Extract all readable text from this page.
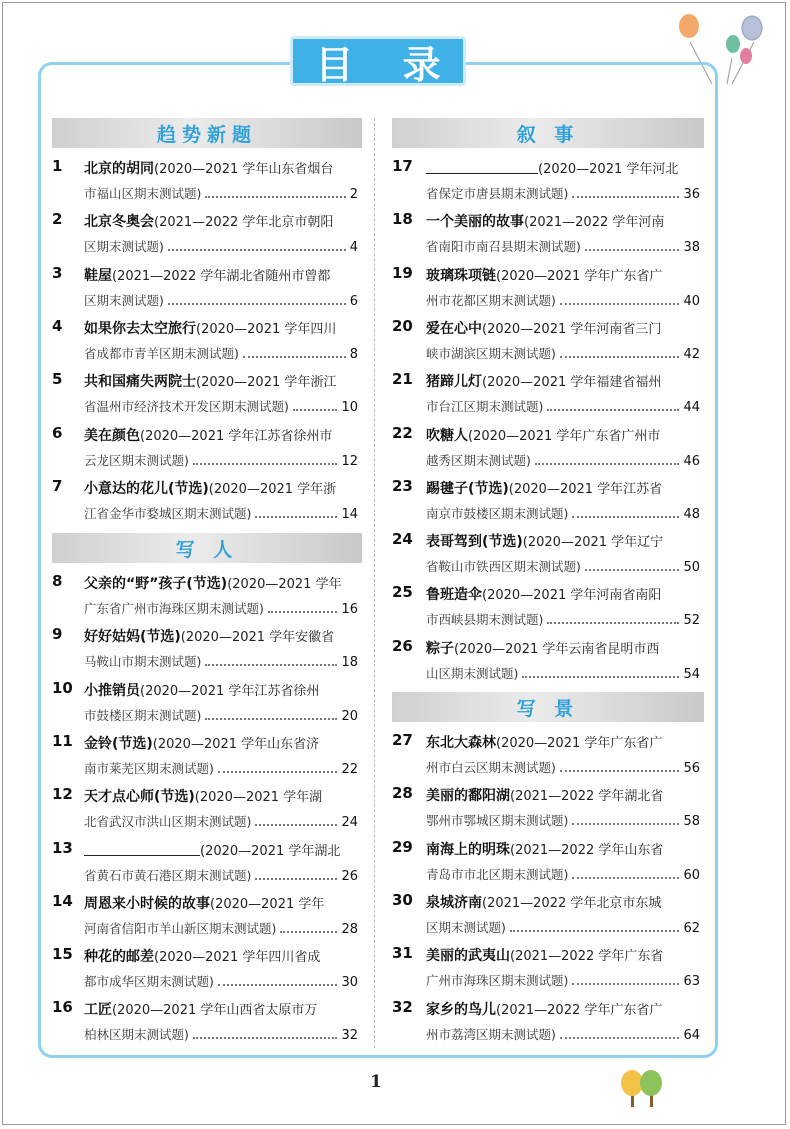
目 录
趋势新题
1 北京的胡同(2020—2021 学年山东省烟台
市福山区期末测试题)	2
2 北京冬奥会(2021—2022 学年北京市朝阳
区期末测试题)	4
3 鞋屋(2021—2022 学年湖北省随州市曾都
区期末测试题)	6
4 如果你去太空旅行(2020—2021 学年四川
省成都市青羊区期末测试题)	8
5 共和国痛失两院士(2020—2021 学年浙江
省温州市经济技术开发区期末测试题)	10
6 美在颜色(2020—2021 学年江苏省徐州市
云龙区期末测试题)	12
7 小意达的花儿(节选)(2020—2021 学年浙
江省金华市婺城区期末测试题)	14
写 人
8 父亲的“野”孩子(节选)(2020—2021 学年
广东省广州市海珠区期末测试题)	16
9 好好姑妈(节选)(2020—2021 学年安徽省
马鞍山市期末测试题)	18
10 小推销员(2020—2021 学年江苏省徐州
市鼓楼区期末测试题)	20
11 金铃(节选)(2020—2021 学年山东省济
南市莱芜区期末测试题)	22
12 天才点心师(节选)(2020—2021 学年湖
北省武汉市洪山区期末测试题)	24
13	(2020—2021 学年湖北
省黄石市黄石港区期末测试题)	26
14 周恩来小时候的故事(2020—2021 学年
河南省信阳市羊山新区期末测试题)	28
15 种花的邮差(2020—2021 学年四川省成
都市成华区期末测试题)	30
16 工匠(2020—2021 学年山西省太原市万
柏林区期末测试题)	32
叙 事
17	(2020—2021 学年河北
省保定市唐县期末测试题)	36
18 一个美丽的故事(2021—2022 学年河南
省南阳市南召县期末测试题)	38
19 玻璃珠项链(2020—2021 学年广东省广
州市花都区期末测试题)	40
20 爱在心中(2020—2021 学年河南省三门
峡市湖滨区期末测试题)	42
21 猪蹄儿灯(2020—2021 学年福建省福州
市台江区期末测试题)	44
22 吹糖人(2020—2021 学年广东省广州市
越秀区期末测试题)	46
23 踢毽子(节选)(2020—2021 学年江苏省
南京市鼓楼区期末测试题)	48
24 表哥驾到(节选)(2020—2021 学年辽宁
省鞍山市铁西区期末测试题)	50
25 鲁班造伞(2020—2021 学年河南省南阳
市西峡县期末测试题)	52
26 粽子(2020—2021 学年云南省昆明市西
山区期末测试题)	54
写 景
27 东北大森林(2020—2021 学年广东省广
州市白云区期末测试题)	56
28 美丽的鄱阳湖(2021—2022 学年湖北省
鄂州市鄂城区期末测试题)	58
29 南海上的明珠(2021—2022 学年山东省
青岛市市北区期末测试题)	60
30 泉城济南(2021—2022 学年北京市东城
区期末测试题)	62
31 美丽的武夷山(2021—2022 学年广东省
广州市海珠区期末测试题)	63
32 家乡的鸟儿(2021—2022 学年广东省广
州市荔湾区期末测试题)	64
1
